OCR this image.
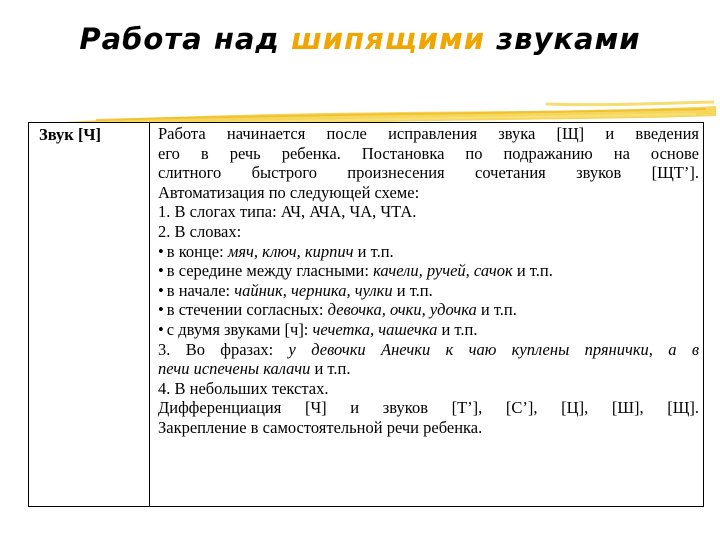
Работа над шипящими звуками
Звук [Ч]	Работа начинается после исправления звука [Щ] и введения
его в речь ребенка. Постановка по подражанию на основе
слитного быстрого произнесения сочетания звуков [ЩТ’].
Автоматизация по следующей схеме:
1. В слогах типа: АЧ, АЧА, ЧА, ЧТА.
2. В словах:
• в конце: мяч, ключ, кирпич и т.п.
• в середине между гласными: качели, ручей, сачок и т.п.
• в начале: чайник, черника, чулки и т.п.
• в стечении согласных: девочка, очки, удочка и т.п.
• с двумя звуками [ч]: чечетка, чашечка и т.п.
3. Во фразах: у девочки Анечки к чаю куплены прянички, а в
печи испечены калачи и т.п.
4. В небольших текстах.
Дифференциация [Ч] и звуков [Т’], [С’], [Ц], [Ш], [Щ].
Закрепление в самостоятельной речи ребенка.
